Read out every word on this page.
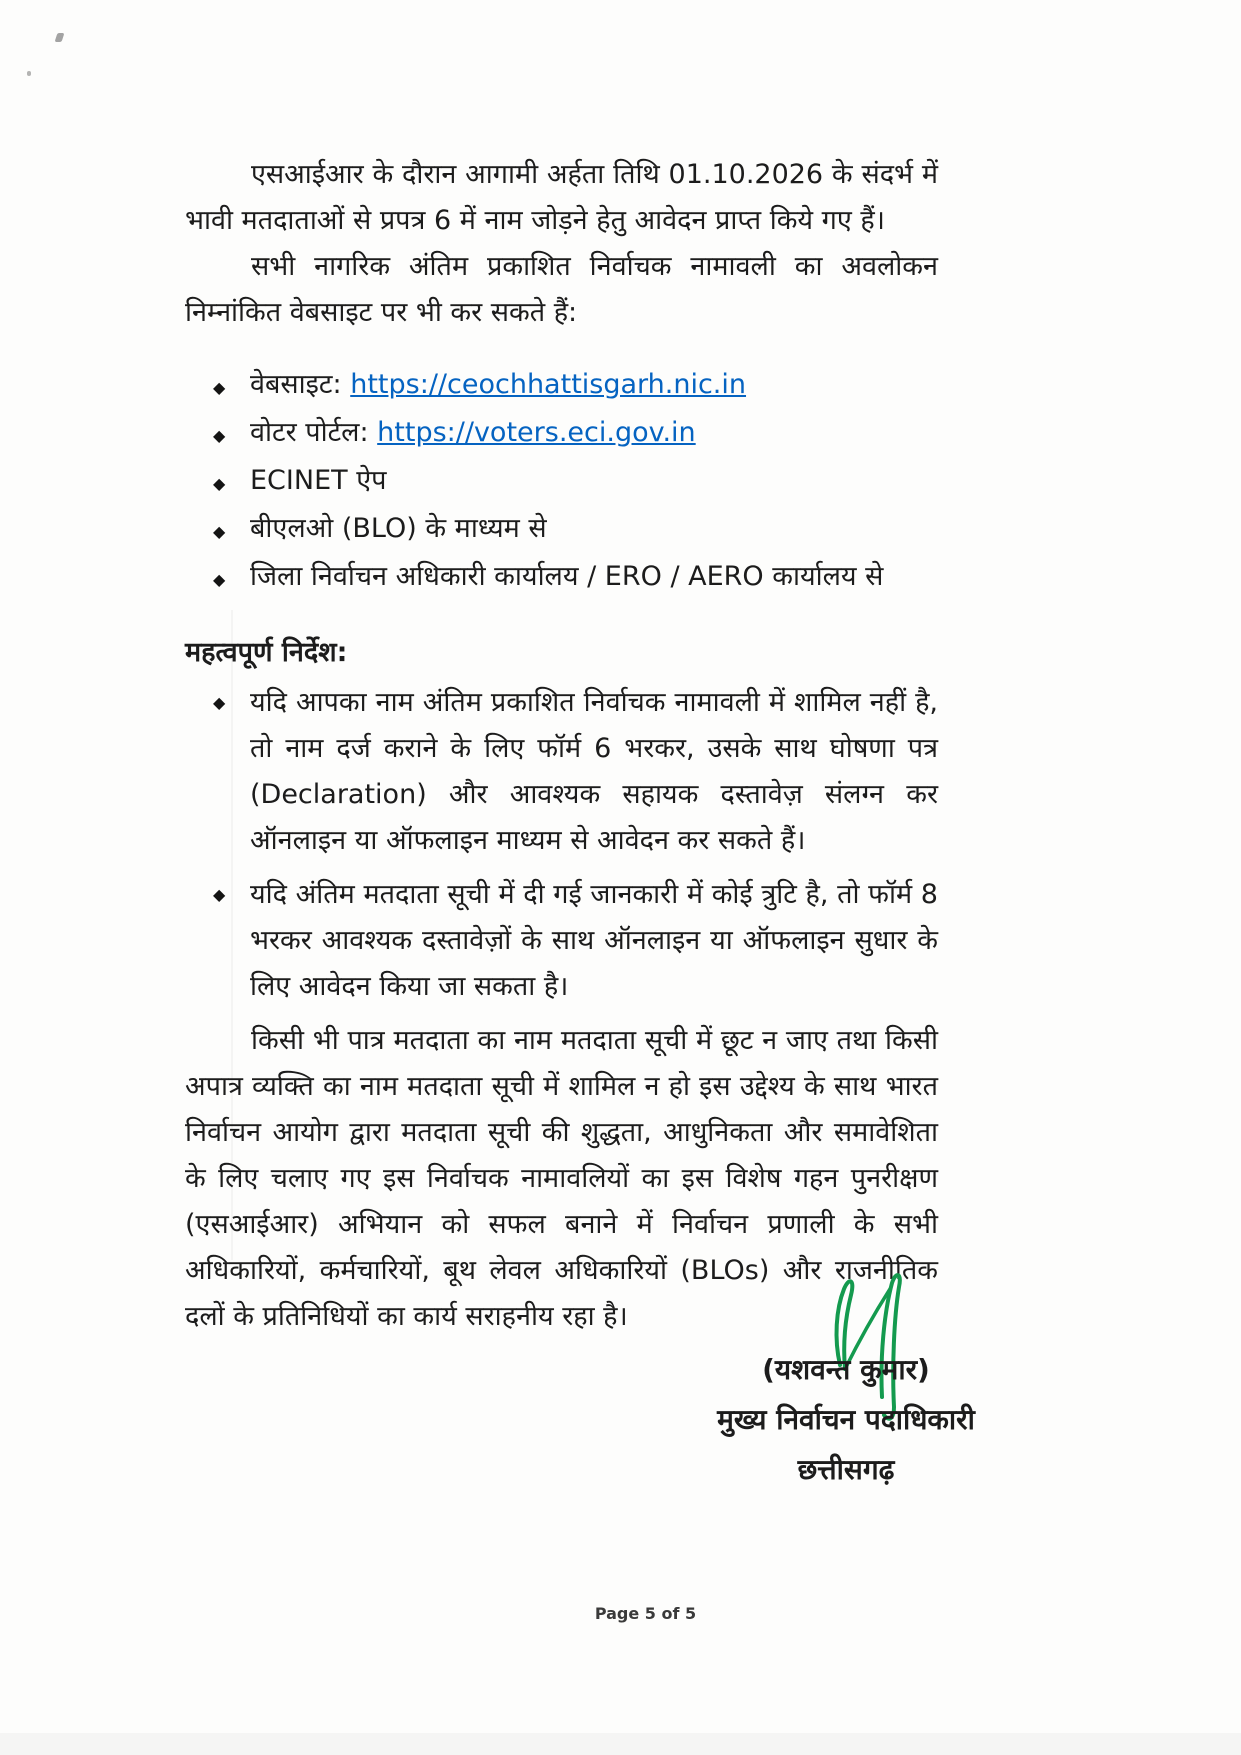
एसआईआर के दौरान आगामी अर्हता तिथि 01.10.2026 के संदर्भ में भावी मतदाताओं से प्रपत्र 6 में नाम जोड़ने हेतु आवेदन प्राप्त किये गए हैं।

सभी नागरिक अंतिम प्रकाशित निर्वाचक नामावली का अवलोकन निम्नांकित वेबसाइट पर भी कर सकते हैं:

◆ वेबसाइट: https://ceochhattisgarh.nic.in
◆ वोटर पोर्टल: https://voters.eci.gov.in
◆ ECINET ऐप
◆ बीएलओ (BLO) के माध्यम से
◆ जिला निर्वाचन अधिकारी कार्यालय / ERO / AERO कार्यालय से
महत्वपूर्ण निर्देश:
◆ यदि आपका नाम अंतिम प्रकाशित निर्वाचक नामावली में शामिल नहीं है, तो नाम दर्ज कराने के लिए फॉर्म 6 भरकर, उसके साथ घोषणा पत्र (Declaration) और आवश्यक सहायक दस्तावेज़ संलग्न कर ऑनलाइन या ऑफलाइन माध्यम से आवेदन कर सकते हैं।
◆ यदि अंतिम मतदाता सूची में दी गई जानकारी में कोई त्रुटि है, तो फॉर्म 8 भरकर आवश्यक दस्तावेज़ों के साथ ऑनलाइन या ऑफलाइन सुधार के लिए आवेदन किया जा सकता है।

किसी भी पात्र मतदाता का नाम मतदाता सूची में छूट न जाए तथा किसी अपात्र व्यक्ति का नाम मतदाता सूची में शामिल न हो इस उद्देश्य के साथ भारत निर्वाचन आयोग द्वारा मतदाता सूची की शुद्धता, आधुनिकता और समावेशिता के लिए चलाए गए इस निर्वाचक नामावलियों का इस विशेष गहन पुनरीक्षण (एसआईआर) अभियान को सफल बनाने में निर्वाचन प्रणाली के सभी अधिकारियों, कर्मचारियों, बूथ लेवल अधिकारियों (BLOs) और राजनीतिक दलों के प्रतिनिधियों का कार्य सराहनीय रहा है।

(यशवन्त कुमार)
मुख्य निर्वाचन पदाधिकारी
छत्तीसगढ़
Page 5 of 5
